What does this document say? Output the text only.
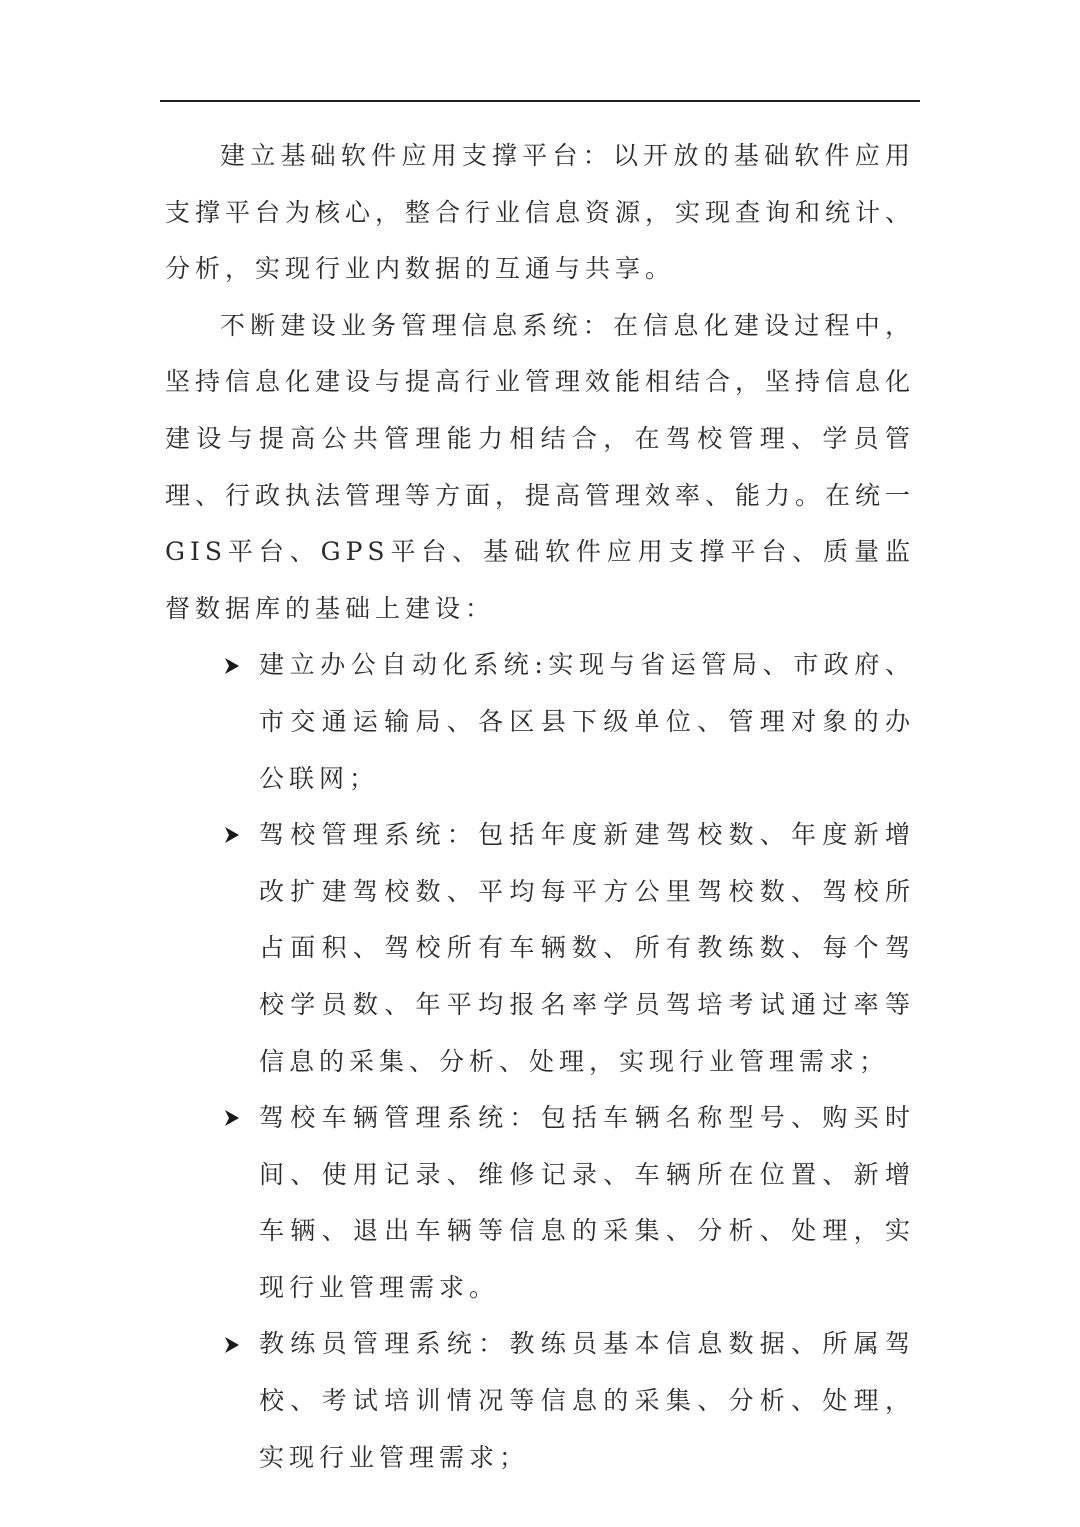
建立基础软件应用支撑平台：以开放的基础软件应用支撑平台为核心，整合行业信息资源，实现查询和统计、分析，实现行业内数据的互通与共享。

不断建设业务管理信息系统：在信息化建设过程中，坚持信息化建设与提高行业管理效能相结合，坚持信息化建设与提高公共管理能力相结合，在驾校管理、学员管理、行政执法管理等方面，提高管理效率、能力。在统一GIS平台、GPS平台、基础软件应用支撑平台、质量监督数据库的基础上建设：

建立办公自动化系统:实现与省运管局、市政府、市交通运输局、各区县下级单位、管理对象的办公联网；
驾校管理系统：包括年度新建驾校数、年度新增改扩建驾校数、平均每平方公里驾校数、驾校所占面积、驾校所有车辆数、所有教练数、每个驾校学员数、年平均报名率学员驾培考试通过率等信息的采集、分析、处理，实现行业管理需求；
驾校车辆管理系统：包括车辆名称型号、购买时间、使用记录、维修记录、车辆所在位置、新增车辆、退出车辆等信息的采集、分析、处理，实现行业管理需求。
教练员管理系统：教练员基本信息数据、所属驾校、考试培训情况等信息的采集、分析、处理，实现行业管理需求；
